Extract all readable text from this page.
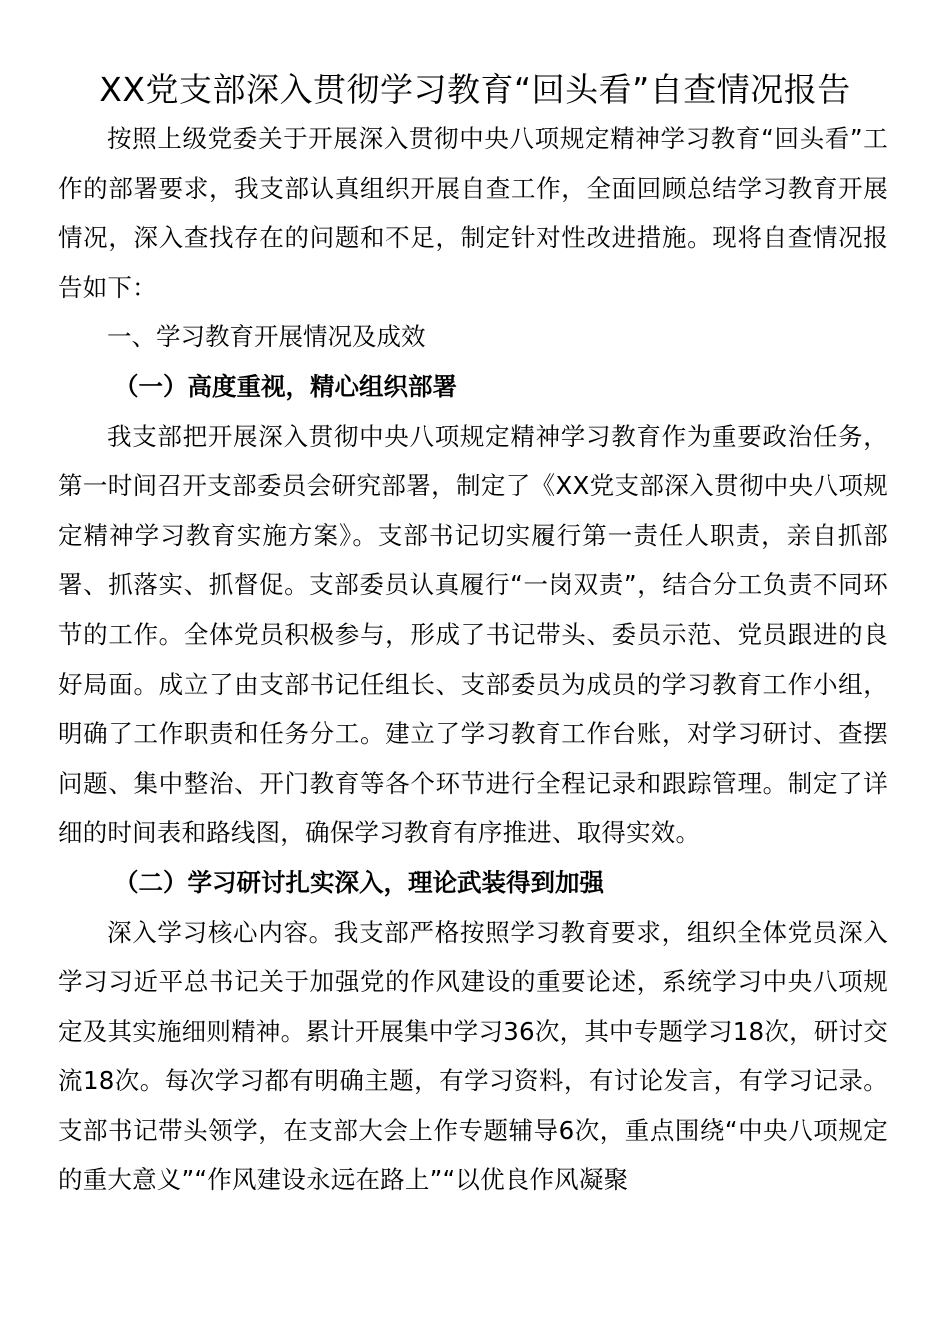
XX党支部深入贯彻学习教育“回头看”自查情况报告

按照上级党委关于开展深入贯彻中央八项规定精神学习教育“回头看”工作的部署要求，我支部认真组织开展自查工作，全面回顾总结学习教育开展情况，深入查找存在的问题和不足，制定针对性改进措施。现将自查情况报告如下：

一、学习教育开展情况及成效

（一）高度重视，精心组织部署

我支部把开展深入贯彻中央八项规定精神学习教育作为重要政治任务，第一时间召开支部委员会研究部署，制定了《XX党支部深入贯彻中央八项规定精神学习教育实施方案》。支部书记切实履行第一责任人职责，亲自抓部署、抓落实、抓督促。支部委员认真履行“一岗双责”，结合分工负责不同环节的工作。全体党员积极参与，形成了书记带头、委员示范、党员跟进的良好局面。成立了由支部书记任组长、支部委员为成员的学习教育工作小组，明确了工作职责和任务分工。建立了学习教育工作台账，对学习研讨、查摆问题、集中整治、开门教育等各个环节进行全程记录和跟踪管理。制定了详细的时间表和路线图，确保学习教育有序推进、取得实效。

（二）学习研讨扎实深入，理论武装得到加强

深入学习核心内容。我支部严格按照学习教育要求，组织全体党员深入学习习近平总书记关于加强党的作风建设的重要论述，系统学习中央八项规定及其实施细则精神。累计开展集中学习36次，其中专题学习18次，研讨交流18次。每次学习都有明确主题，有学习资料，有讨论发言，有学习记录。支部书记带头领学，在支部大会上作专题辅导6次，重点围绕“中央八项规定的重大意义”“作风建设永远在路上”“以优良作风凝聚
